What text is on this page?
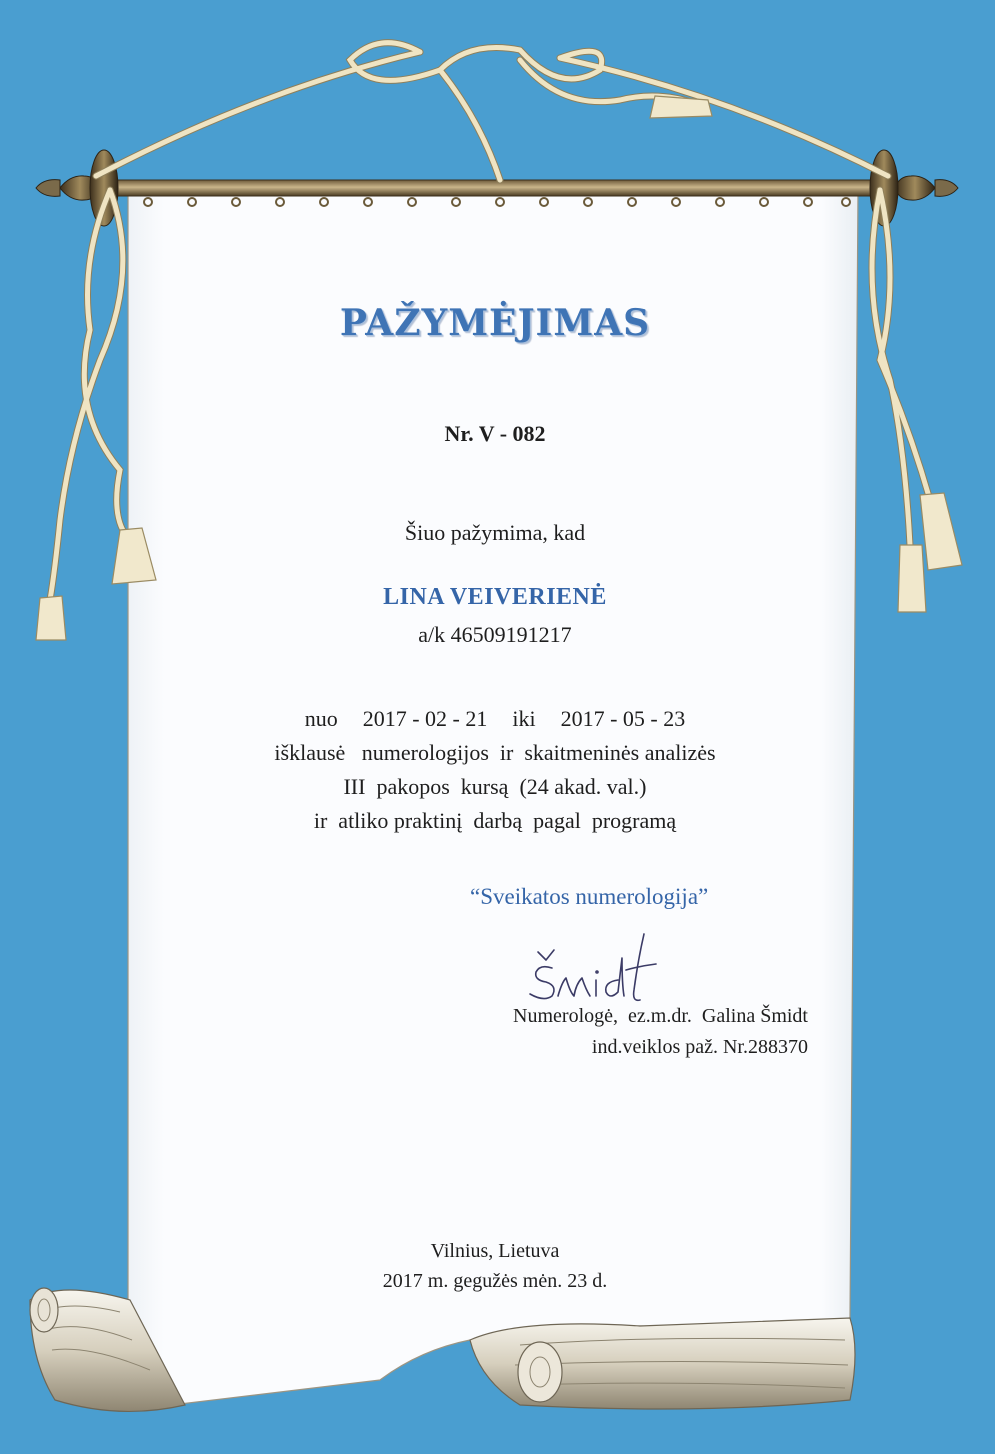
PAŽYMĖJIMAS
Nr. V - 082
Šiuo pažymima, kad
LINA VEIVERIENĖ
a/k 46509191217
nuo 2017 - 02 - 21 iki 2017 - 05 - 23
išklausė   numerologijos  ir  skaitmeninės analizės
III  pakopos  kursą  (24 akad. val.)
ir  atliko praktinį  darbą  pagal  programą
“Sveikatos numerologija”
Numerologė,  ez.m.dr.  Galina Šmidt
ind.veiklos paž. Nr.288370
Vilnius, Lietuva
2017 m. gegužės mėn. 23 d.
